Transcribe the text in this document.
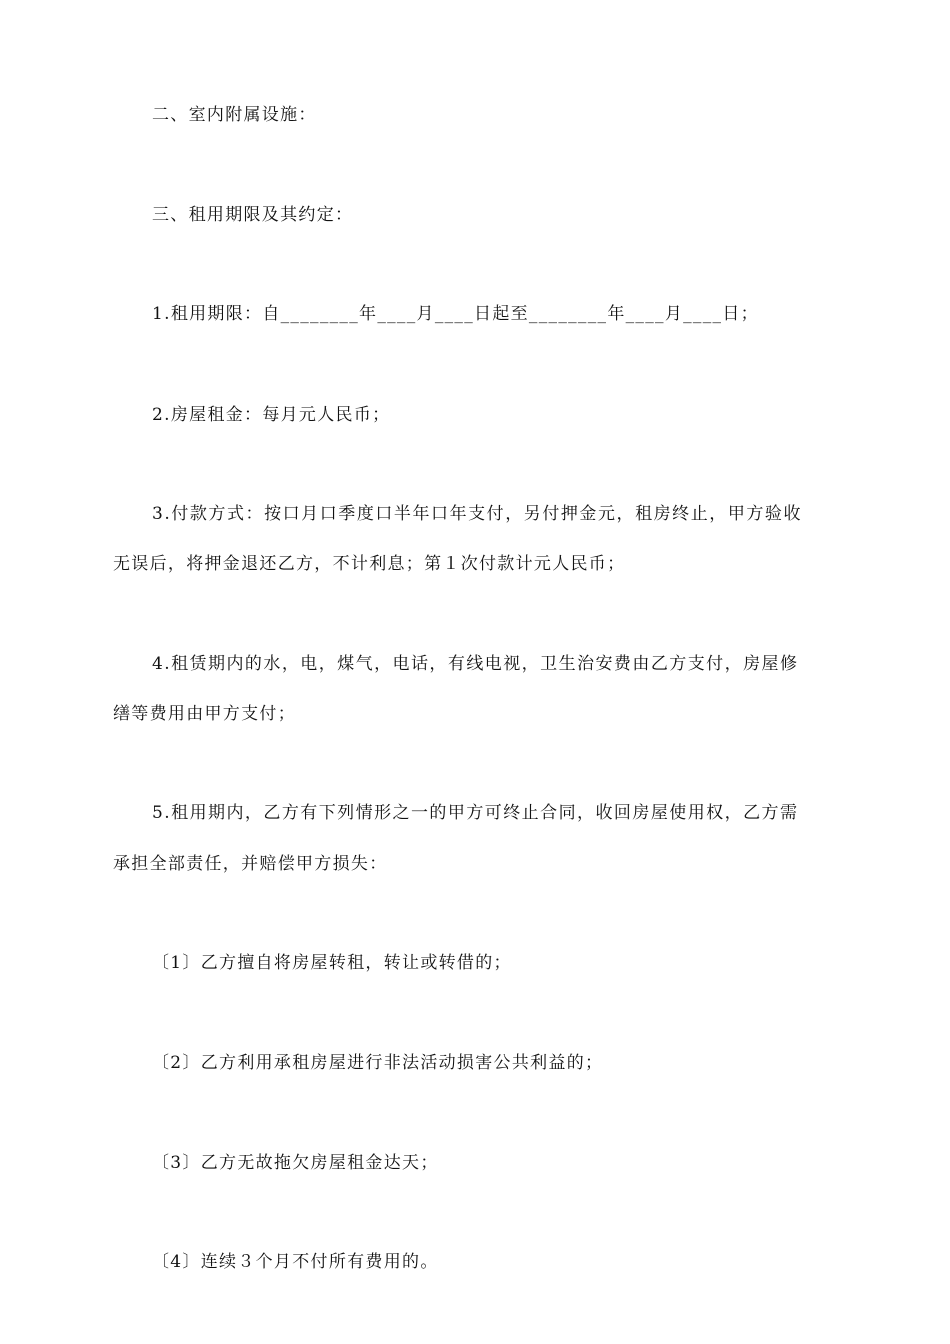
二、室内附属设施：
三、租用期限及其约定：
1.租用期限：自________年____月____日起至________年____月____日；
2.房屋租金：每月元人民币；
3.付款方式：按口月口季度口半年口年支付，另付押金元，租房终止，甲方验收
无误后，将押金退还乙方，不计利息；第１次付款计元人民币；
4.租赁期内的水，电，煤气，电话，有线电视，卫生治安费由乙方支付，房屋修
缮等费用由甲方支付；
5.租用期内，乙方有下列情形之一的甲方可终止合同，收回房屋使用权，乙方需
承担全部责任，并赔偿甲方损失：
〔1〕乙方擅自将房屋转租，转让或转借的；
〔2〕乙方利用承租房屋进行非法活动损害公共利益的；
〔3〕乙方无故拖欠房屋租金达天；
〔4〕连续３个月不付所有费用的。
